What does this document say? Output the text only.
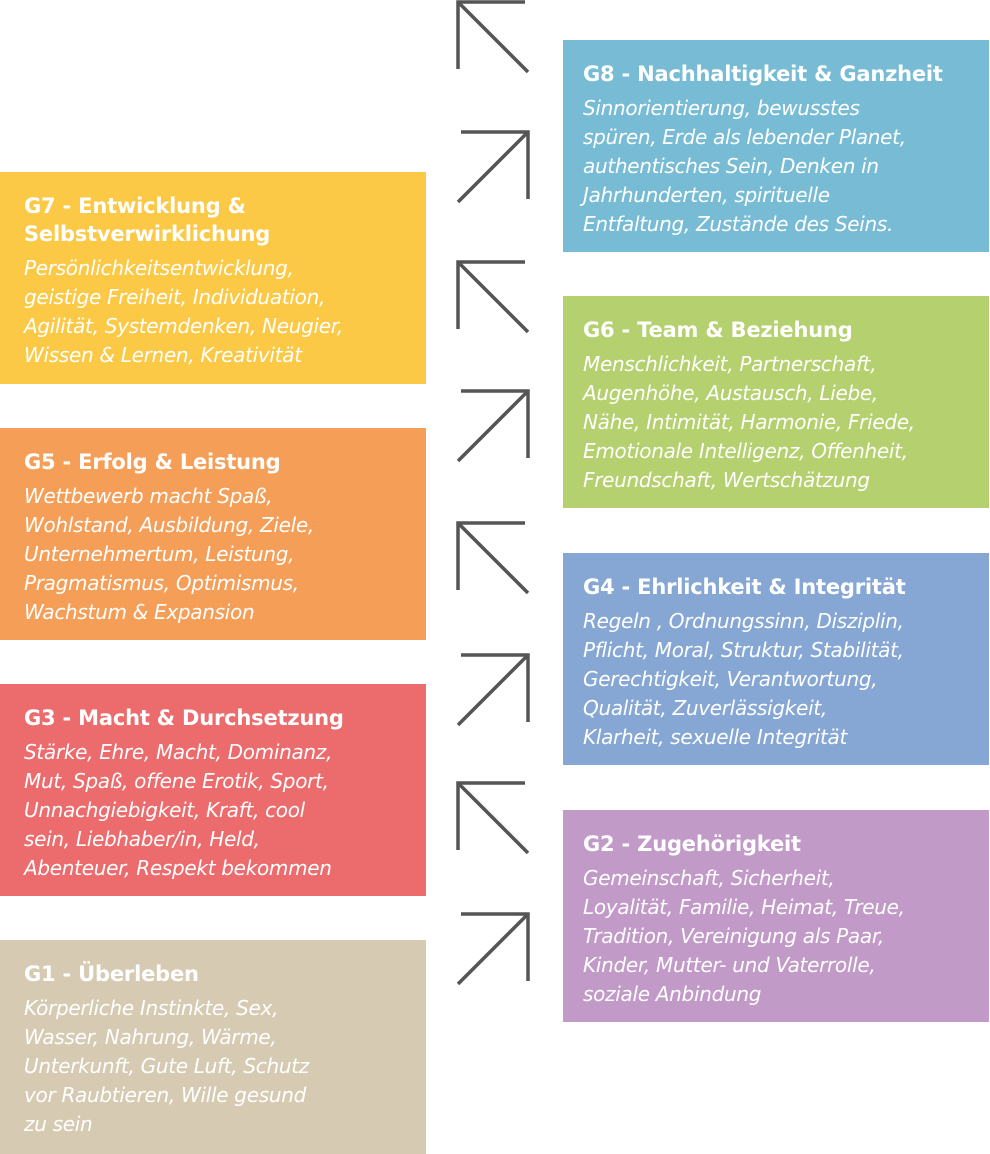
G8 - Nachhaltigkeit & Ganzheit
Sinnorientierung, bewusstes
spüren, Erde als lebender Planet,
authentisches Sein, Denken in
Jahrhunderten, spirituelle
Entfaltung, Zustände des Seins.
G6 - Team & Beziehung
Menschlichkeit, Partnerschaft,
Augenhöhe, Austausch, Liebe,
Nähe, Intimität, Harmonie, Friede,
Emotionale Intelligenz, Offenheit,
Freundschaft, Wertschätzung
G4 - Ehrlichkeit & Integrität
Regeln , Ordnungssinn, Disziplin,
Pflicht, Moral, Struktur, Stabilität,
Gerechtigkeit, Verantwortung,
Qualität, Zuverlässigkeit,
Klarheit, sexuelle Integrität
G2 - Zugehörigkeit
Gemeinschaft, Sicherheit,
Loyalität, Familie, Heimat, Treue,
Tradition, Vereinigung als Paar,
Kinder, Mutter- und Vaterrolle,
soziale Anbindung
G7 - Entwicklung &
Selbstverwirklichung
Persönlichkeitsentwicklung,
geistige Freiheit, Individuation,
Agilität, Systemdenken, Neugier,
Wissen & Lernen, Kreativität
G5 - Erfolg & Leistung
Wettbewerb macht Spaß,
Wohlstand, Ausbildung, Ziele,
Unternehmertum, Leistung,
Pragmatismus, Optimismus,
Wachstum & Expansion
G3 - Macht & Durchsetzung
Stärke, Ehre, Macht, Dominanz,
Mut, Spaß, offene Erotik, Sport,
Unnachgiebigkeit, Kraft, cool
sein, Liebhaber/in, Held,
Abenteuer, Respekt bekommen
G1 - Überleben
Körperliche Instinkte, Sex,
Wasser, Nahrung, Wärme,
Unterkunft, Gute Luft, Schutz
vor Raubtieren, Wille gesund
zu sein
